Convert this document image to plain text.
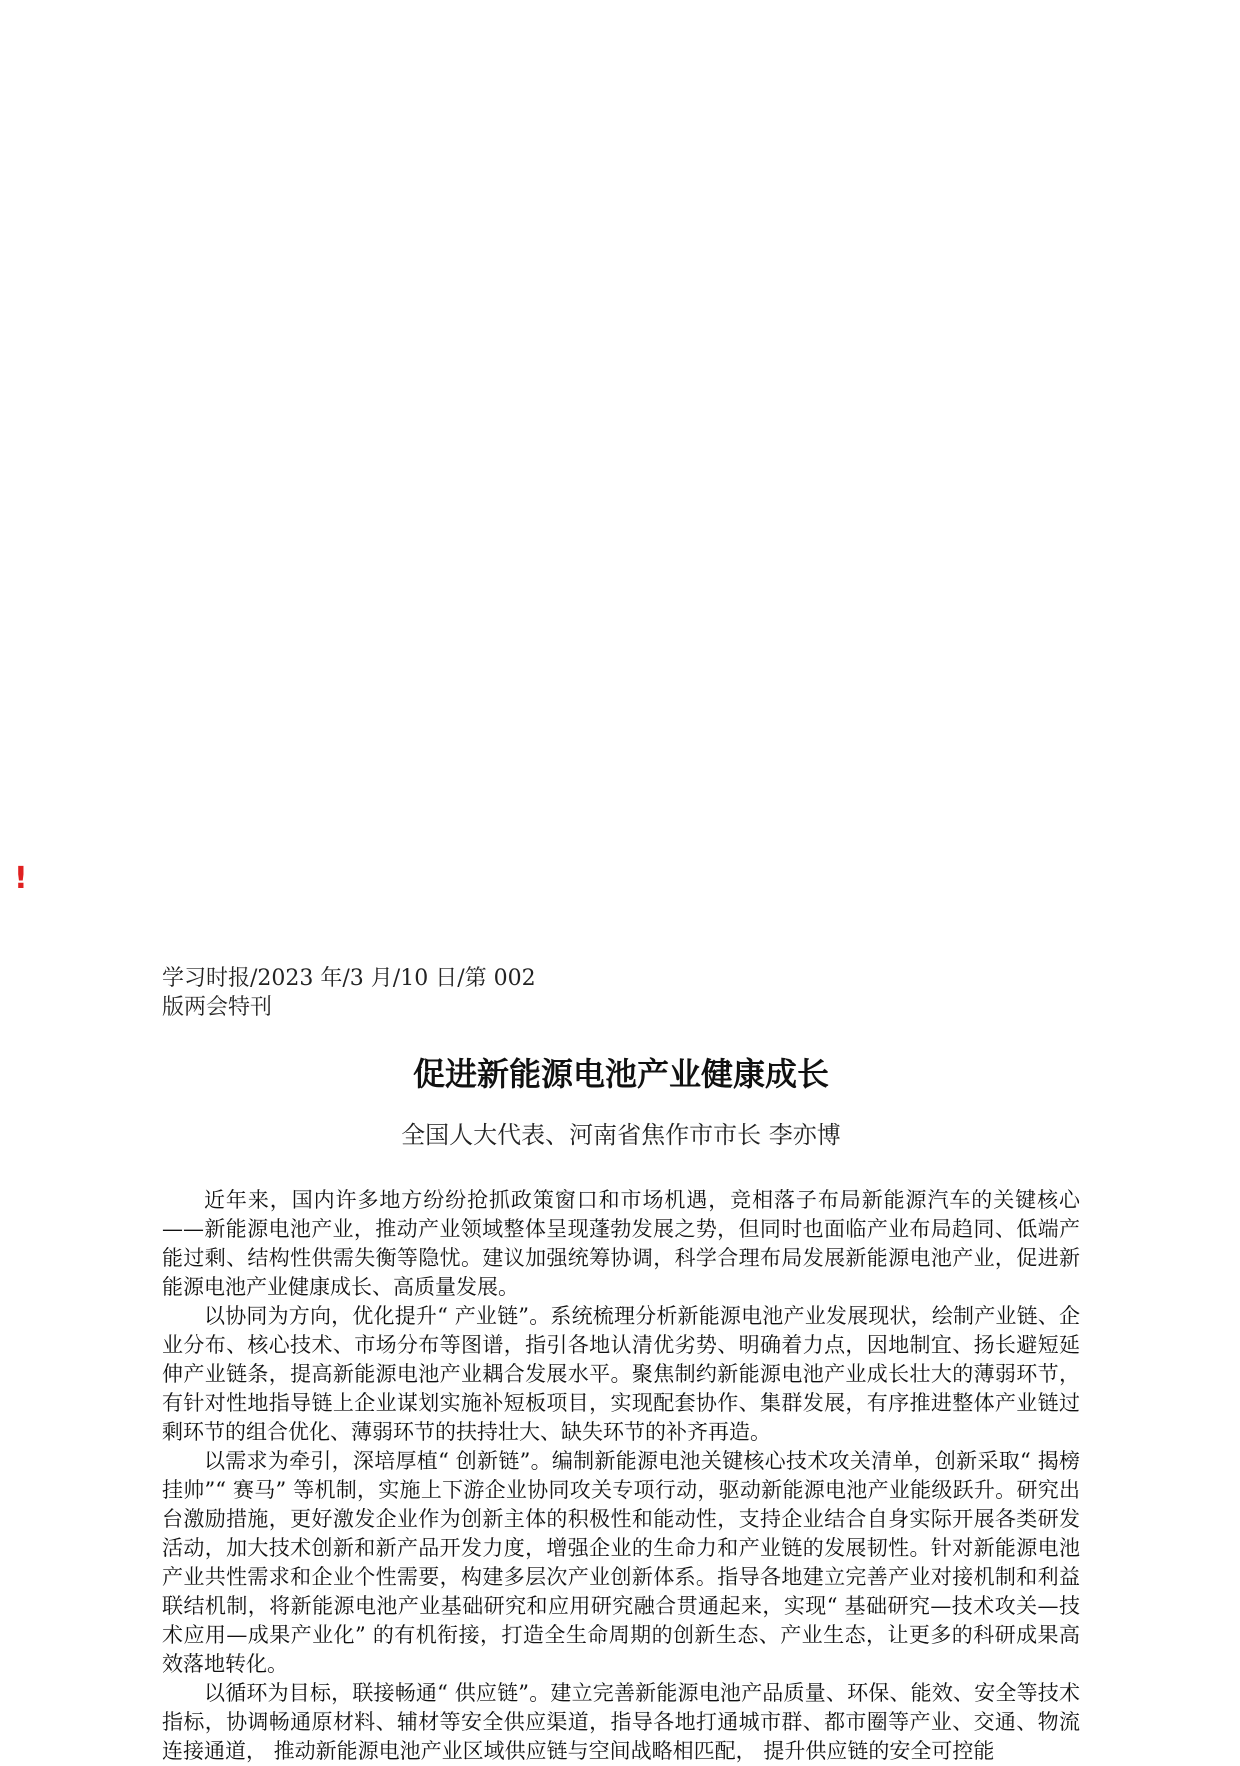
!
学习时报/2023 年/3 月/10 日/第 002
版两会特刊
促进新能源电池产业健康成长
全国人大代表、河南省焦作市市长 李亦博

近年来，国内许多地方纷纷抢抓政策窗口和市场机遇，竞相落子布局新能源汽车的关键核心——新能源电池产业，推动产业领域整体呈现蓬勃发展之势，但同时也面临产业布局趋同、低端产能过剩、结构性供需失衡等隐忧。建议加强统筹协调，科学合理布局发展新能源电池产业，促进新能源电池产业健康成长、高质量发展。

以协同为方向，优化提升“ 产业链”。系统梳理分析新能源电池产业发展现状，绘制产业链、企业分布、核心技术、市场分布等图谱，指引各地认清优劣势、明确着力点，因地制宜、扬长避短延伸产业链条，提高新能源电池产业耦合发展水平。聚焦制约新能源电池产业成长壮大的薄弱环节，有针对性地指导链上企业谋划实施补短板项目，实现配套协作、集群发展，有序推进整体产业链过剩环节的组合优化、薄弱环节的扶持壮大、缺失环节的补齐再造。

以需求为牵引，深培厚植“ 创新链”。编制新能源电池关键核心技术攻关清单，创新采取“ 揭榜挂帅”“ 赛马” 等机制，实施上下游企业协同攻关专项行动，驱动新能源电池产业能级跃升。研究出台激励措施，更好激发企业作为创新主体的积极性和能动性，支持企业结合自身实际开展各类研发活动，加大技术创新和新产品开发力度，增强企业的生命力和产业链的发展韧性。针对新能源电池产业共性需求和企业个性需要，构建多层次产业创新体系。指导各地建立完善产业对接机制和利益联结机制，将新能源电池产业基础研究和应用研究融合贯通起来，实现“ 基础研究—技术攻关—技术应用—成果产业化” 的有机衔接，打造全生命周期的创新生态、产业生态，让更多的科研成果高效落地转化。

以循环为目标，联接畅通“ 供应链”。建立完善新能源电池产品质量、环保、能效、安全等技术指标，协调畅通原材料、辅材等安全供应渠道，指导各地打通城市群、都市圈等产业、交通、物流连接通道， 推动新能源电池产业区域供应链与空间战略相匹配， 提升供应链的安全可控能
